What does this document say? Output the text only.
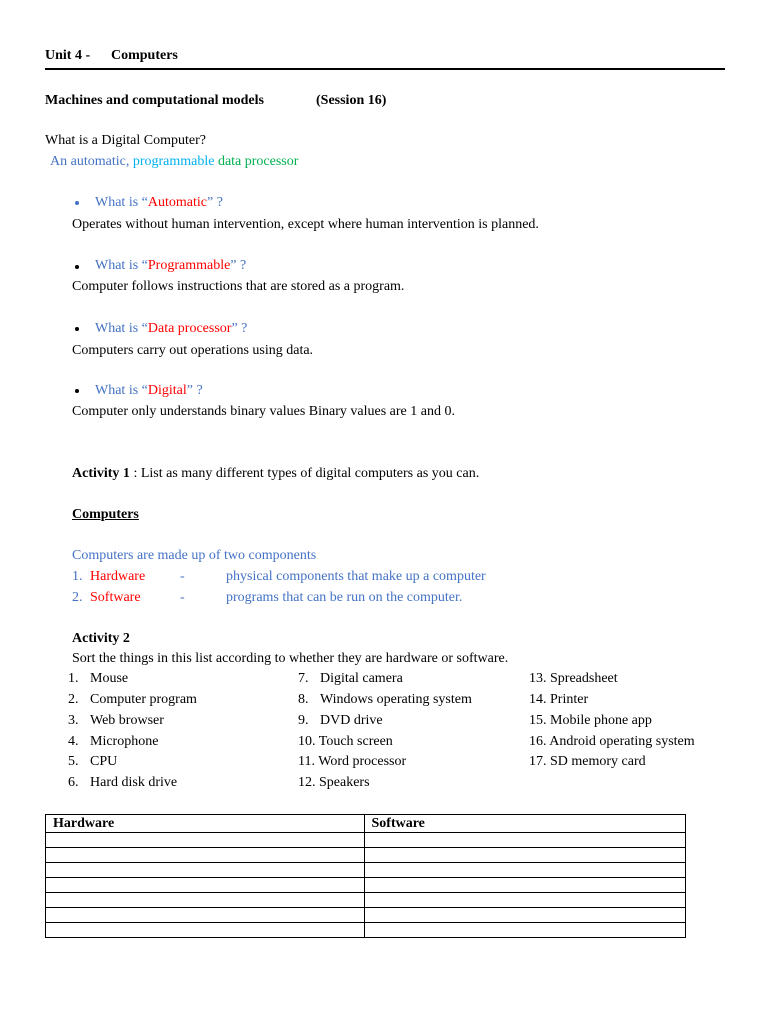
Unit 4 - Computers
Machines and computational models	(Session 16)
What is a Digital Computer?
An automatic, programmable data processor
What is “Automatic” ?
Operates without human intervention, except where human intervention is planned.
What is “Programmable” ?
Computer follows instructions that are stored as a program.
What is “Data processor” ?
Computers carry out operations using data.
What is “Digital” ?
Computer only understands binary values Binary values are 1 and 0.
Activity 1 : List as many different types of digital computers as you can.
Computers
Computers are made up of two components
1. Hardware -	physical components that make up a computer
2. Software	-	programs that can be run on the computer.
Activity 2
Sort the things in this list according to whether they are hardware or software.
1. Mouse
2. Computer program
3. Web browser
4. Microphone
5. CPU
6. Hard disk drive
7. Digital camera
8. Windows operating system
9. DVD drive
10. Touch screen
11. Word processor
12. Speakers
13. Spreadsheet
14. Printer
15. Mobile phone app
16. Android operating system
17. SD memory card
Hardware	Software
